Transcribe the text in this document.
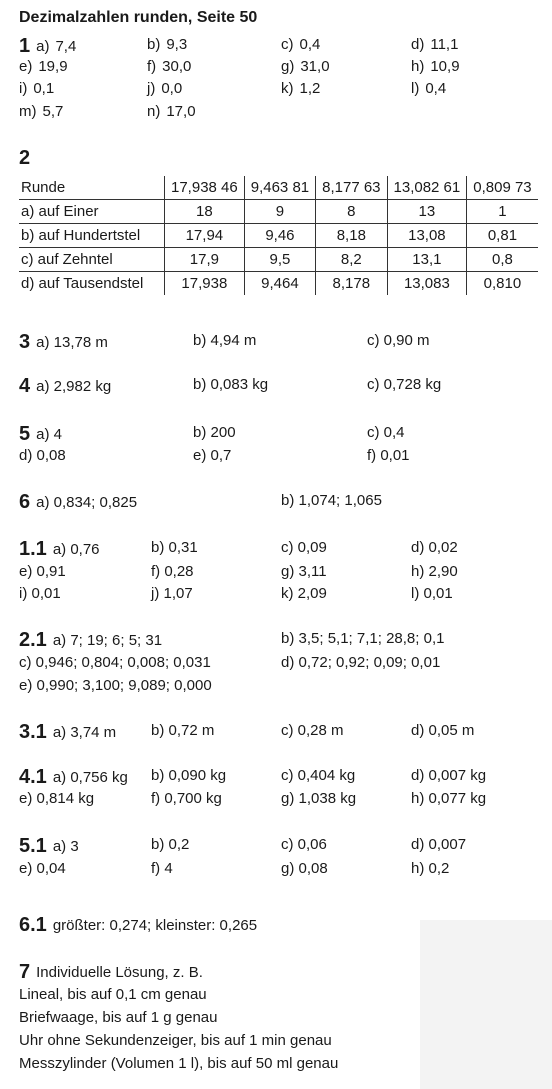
Dezimalzahlen runden, Seite 50
1 a) 7,4	b) 9,3	c) 0,4	d) 11,1
e) 19,9	f) 30,0	g) 31,0	h) 10,9
i) 0,1	j) 0,0	k) 1,2	l) 0,4
m) 5,7	n) 17,0
2
Runde	17,938 46	9,463 81	8,177 63	13,082 61	0,809 73
a) auf Einer	18	9	8	13	1
b) auf Hundertstel	17,94	9,46	8,18	13,08	0,81
c) auf Zehntel	17,9	9,5	8,2	13,1	0,8
d) auf Tausendstel	17,938	9,464	8,178	13,083	0,810
3 a) 13,78 m	b) 4,94 m	c) 0,90 m
4 a) 2,982 kg	b) 0,083 kg	c) 0,728 kg
5 a) 4	b) 200	c) 0,4
d) 0,08	e) 0,7	f) 0,01
6 a) 0,834; 0,825	b) 1,074; 1,065
1.1 a) 0,76	b) 0,31	c) 0,09	d) 0,02
e) 0,91	f) 0,28	g) 3,11	h) 2,90
i) 0,01	j) 1,07	k) 2,09	l) 0,01
2.1 a) 7; 19; 6; 5; 31	b) 3,5; 5,1; 7,1; 28,8; 0,1
c) 0,946; 0,804; 0,008; 0,031	d) 0,72; 0,92; 0,09; 0,01
e) 0,990; 3,100; 9,089; 0,000
3.1 a) 3,74 m b) 0,72 m	c) 0,28 m	d) 0,05 m
4.1 a) 0,756 kg b) 0,090 kg	c) 0,404 kg	d) 0,007 kg
e) 0,814 kg	f) 0,700 kg	g) 1,038 kg	h) 0,077 kg
5.1 a) 3	b) 0,2	c) 0,06	d) 0,007
e) 0,04	f) 4	g) 0,08	h) 0,2
6.1 größter: 0,274; kleinster: 0,265
7 Individuelle Lösung, z. B.
Lineal, bis auf 0,1 cm genau
Briefwaage, bis auf 1 g genau
Uhr ohne Sekundenzeiger, bis auf 1 min genau
Messzylinder (Volumen 1 l), bis auf 50 ml genau
